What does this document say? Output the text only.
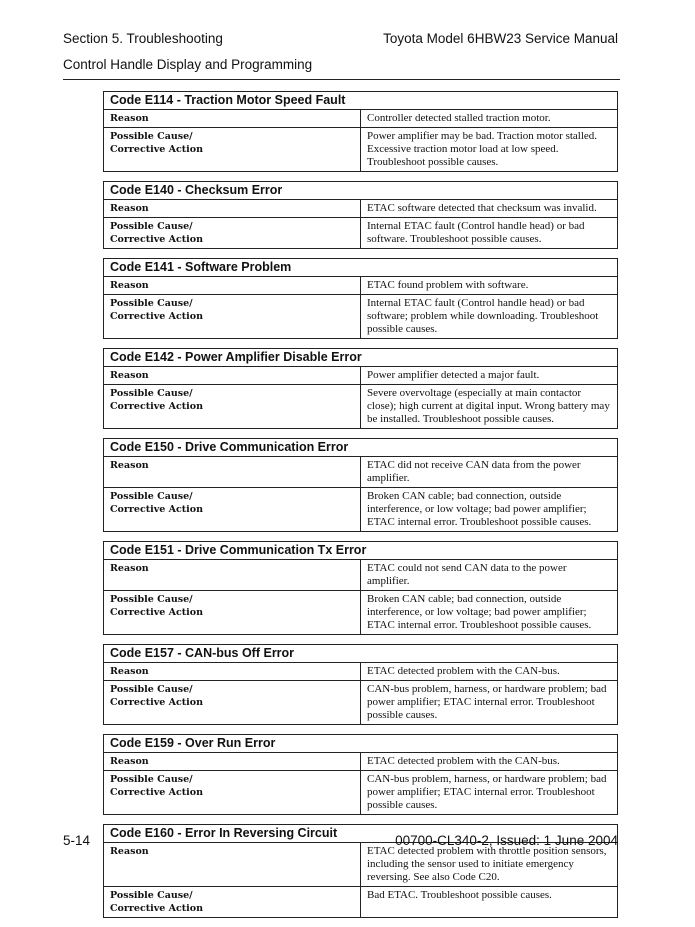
Section 5. Troubleshooting	Toyota Model 6HBW23 Service Manual
Control Handle Display and Programming
Code E114 - Traction Motor Speed Fault	
Reason	Controller detected stalled traction motor.
Possible Cause/
Corrective Action	Power amplifier may be bad. Traction motor stalled. Excessive traction motor load at low speed. Troubleshoot possible causes.
Code E140 - Checksum Error	
Reason	ETAC software detected that checksum was invalid.
Possible Cause/
Corrective Action	Internal ETAC fault (Control handle head) or bad software. Troubleshoot possible causes.
Code E141 - Software Problem	
Reason	ETAC found problem with software.
Possible Cause/
Corrective Action	Internal ETAC fault (Control handle head) or bad software; problem while downloading. Troubleshoot possible causes.
Code E142 - Power Amplifier Disable Error	
Reason	Power amplifier detected a major fault.
Possible Cause/
Corrective Action	Severe overvoltage (especially at main contactor close); high current at digital input. Wrong battery may be installed. Troubleshoot possible causes.
Code E150 - Drive Communication Error	
Reason	ETAC did not receive CAN data from the power amplifier.
Possible Cause/
Corrective Action	Broken CAN cable; bad connection, outside interference, or low voltage; bad power amplifier; ETAC internal error. Troubleshoot possible causes.
Code E151 - Drive Communication Tx Error	
Reason	ETAC could not send CAN data to the power amplifier.
Possible Cause/
Corrective Action	Broken CAN cable; bad connection, outside interference, or low voltage; bad power amplifier; ETAC internal error. Troubleshoot possible causes.
Code E157 - CAN-bus Off Error	
Reason	ETAC detected problem with the CAN-bus.
Possible Cause/
Corrective Action	CAN-bus problem, harness, or hardware problem; bad power amplifier; ETAC internal error. Troubleshoot possible causes.
Code E159 - Over Run Error	
Reason	ETAC detected problem with the CAN-bus.
Possible Cause/
Corrective Action	CAN-bus problem, harness, or hardware problem; bad power amplifier; ETAC internal error. Troubleshoot possible causes.
Code E160 - Error In Reversing Circuit	
Reason	ETAC detected problem with throttle position sensors, including the sensor used to initiate emergency reversing. See also Code C20.
Possible Cause/
Corrective Action	Bad ETAC. Troubleshoot possible causes.
5-14	00700-CL340-2, Issued: 1 June 2004
